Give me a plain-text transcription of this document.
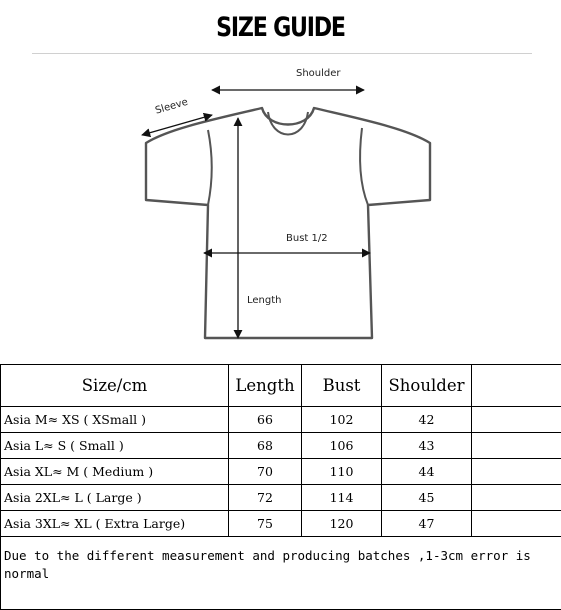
SIZE GUIDE
Shoulder
Sleeve
Bust 1/2
Length
Size/cm	Length	Bust	Shoulder	
Asia M≈ XS ( XSmall )	66	102	42	
Asia L≈ S ( Small )	68	106	43	
Asia XL≈ M ( Medium )	70	110	44	
Asia 2XL≈ L ( Large )	72	114	45	
Asia 3XL≈ XL ( Extra Large)	75	120	47	
Due to the different measurement and producing batches ,1-3cm error is normal				
